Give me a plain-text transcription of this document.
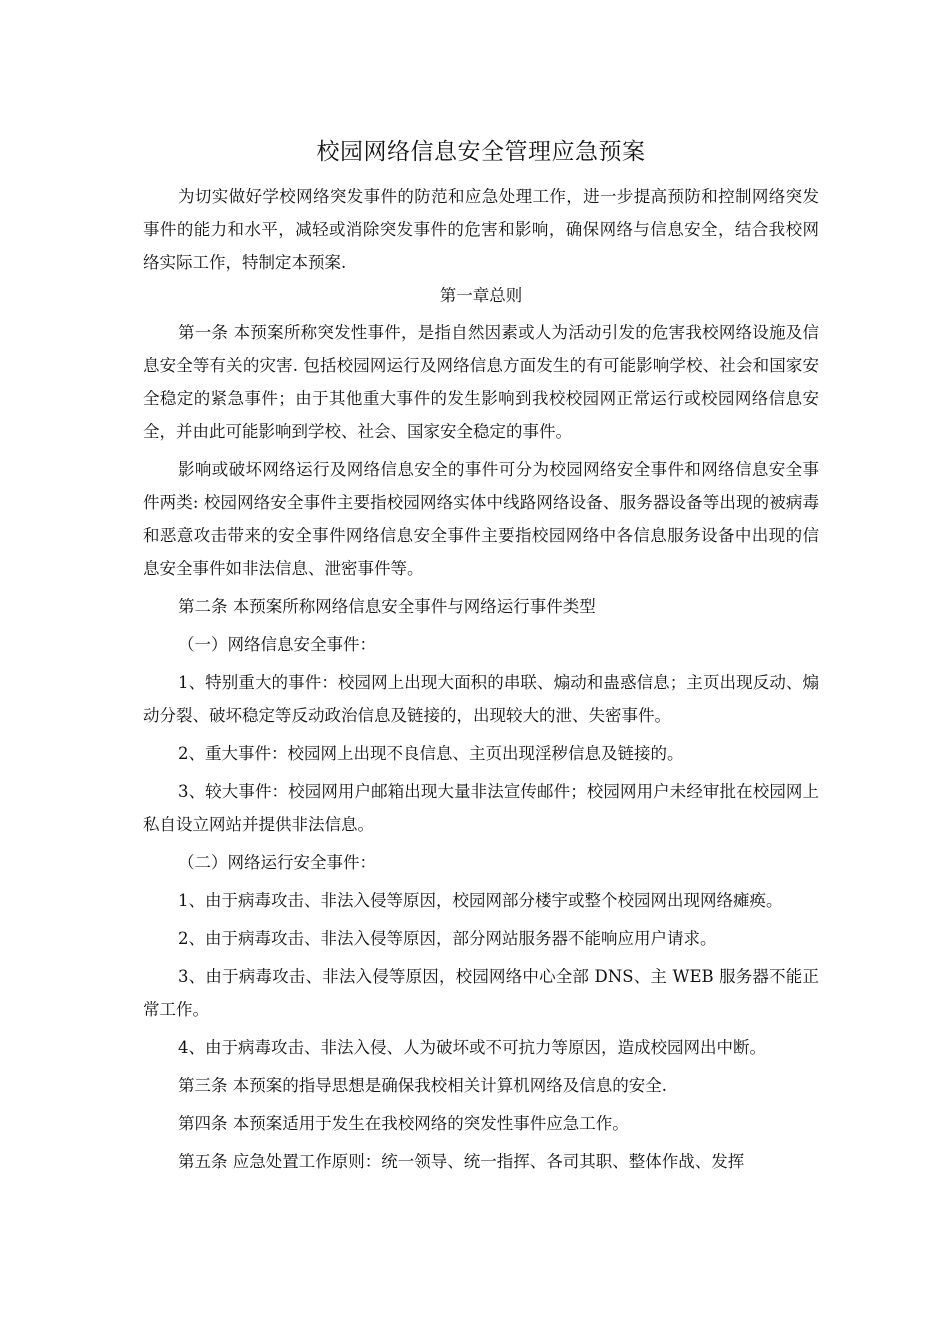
校园网络信息安全管理应急预案

为切实做好学校网络突发事件的防范和应急处理工作，进一步提高预防和控制网络突发事件的能力和水平，减轻或消除突发事件的危害和影响，确保网络与信息安全，结合我校网络实际工作，特制定本预案.

第一章总则

第一条 本预案所称突发性事件，是指自然因素或人为活动引发的危害我校网络设施及信息安全等有关的灾害. 包括校园网运行及网络信息方面发生的有可能影响学校、社会和国家安全稳定的紧急事件；由于其他重大事件的发生影响到我校校园网正常运行或校园网络信息安全，并由此可能影响到学校、社会、国家安全稳定的事件。

影响或破坏网络运行及网络信息安全的事件可分为校园网络安全事件和网络信息安全事件两类: 校园网络安全事件主要指校园网络实体中线路网络设备、服务器设备等出现的被病毒和恶意攻击带来的安全事件网络信息安全事件主要指校园网络中各信息服务设备中出现的信息安全事件如非法信息、泄密事件等。

第二条 本预案所称网络信息安全事件与网络运行事件类型

（一）网络信息安全事件：

1、特别重大的事件：校园网上出现大面积的串联、煽动和蛊惑信息；主页出现反动、煽动分裂、破坏稳定等反动政治信息及链接的，出现较大的泄、失密事件。

2、重大事件：校园网上出现不良信息、主页出现淫秽信息及链接的。

3、较大事件：校园网用户邮箱出现大量非法宣传邮件；校园网用户未经审批在校园网上私自设立网站并提供非法信息。

（二）网络运行安全事件：

1、由于病毒攻击、非法入侵等原因，校园网部分楼宇或整个校园网出现网络瘫痪。

2、由于病毒攻击、非法入侵等原因，部分网站服务器不能响应用户请求。

3、由于病毒攻击、非法入侵等原因，校园网络中心全部 DNS、主 WEB 服务器不能正常工作。

4、由于病毒攻击、非法入侵、人为破坏或不可抗力等原因，造成校园网出中断。

第三条 本预案的指导思想是确保我校相关计算机网络及信息的安全.

第四条 本预案适用于发生在我校网络的突发性事件应急工作。

第五条 应急处置工作原则：统一领导、统一指挥、各司其职、整体作战、发挥
